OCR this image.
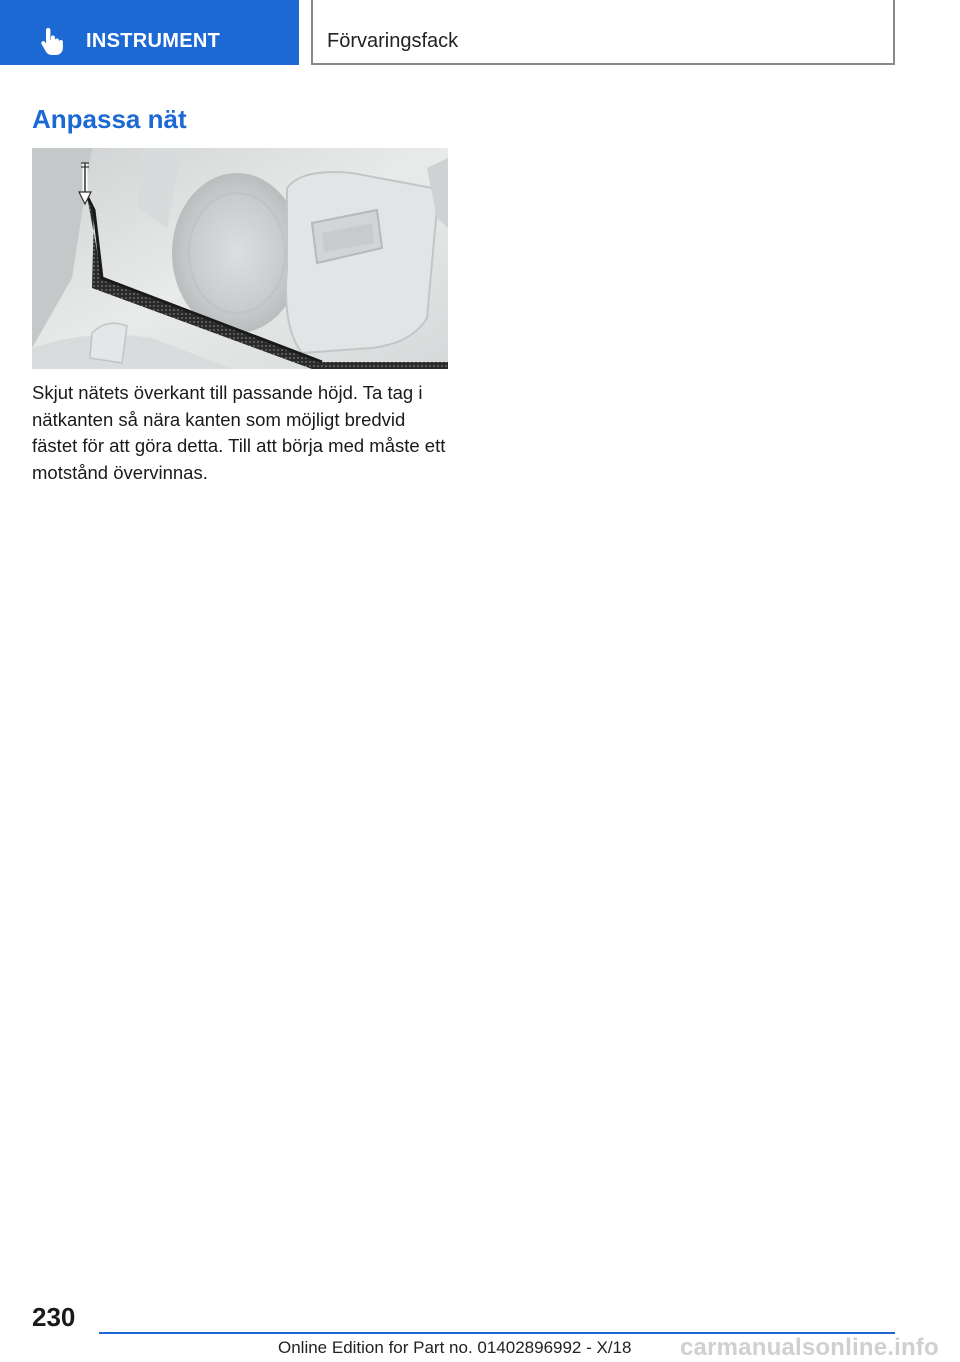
INSTRUMENT	Förvaringsfack
Anpassa nät

Skjut nätets överkant till passande höjd. Ta tag i nätkanten så nära kanten som möjligt bredvid fästet för att göra detta. Till att börja med måste ett motstånd övervinnas.

230
Online Edition for Part no. 01402896992 - X/18 carmanualsonline.info
